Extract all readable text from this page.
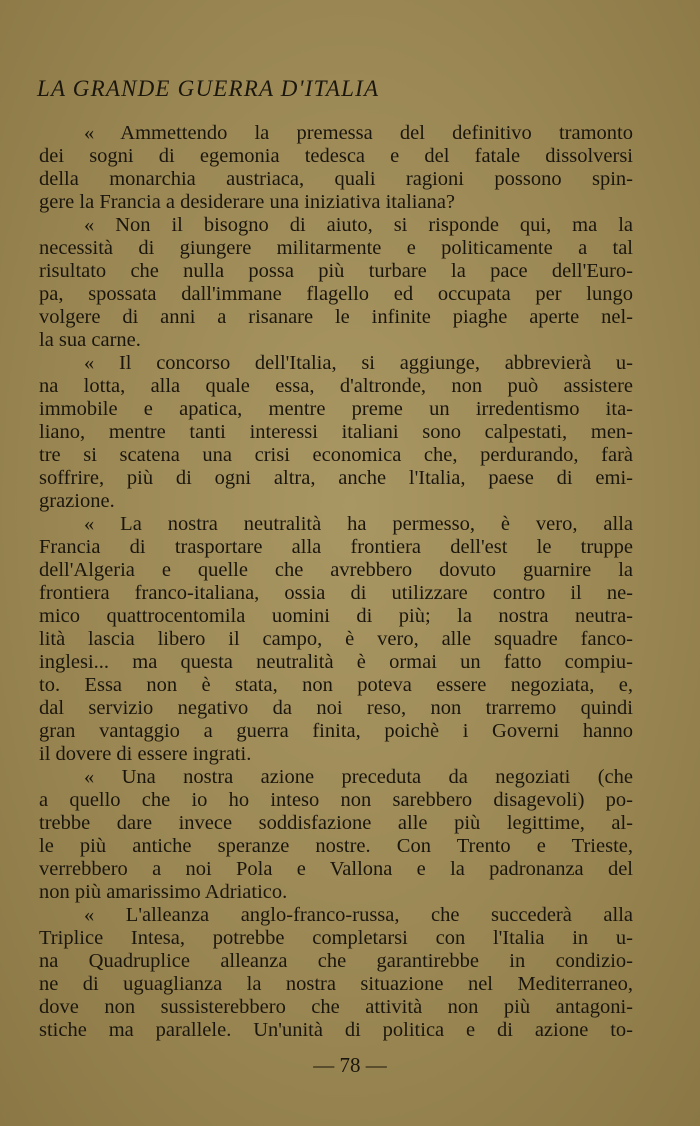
LA GRANDE GUERRA D'ITALIA
« Ammettendo la premessa del definitivo tramonto
dei sogni di egemonia tedesca e del fatale dissolversi
della monarchia austriaca, quali ragioni possono spin-
gere la Francia a desiderare una iniziativa italiana?
« Non il bisogno di aiuto, si risponde qui, ma la
necessità di giungere militarmente e politicamente a tal
risultato che nulla possa più turbare la pace dell'Euro-
pa, spossata dall'immane flagello ed occupata per lungo
volgere di anni a risanare le infinite piaghe aperte nel-
la sua carne.
« Il concorso dell'Italia, si aggiunge, abbrevierà u-
na lotta, alla quale essa, d'altronde, non può assistere
immobile e apatica, mentre preme un irredentismo ita-
liano, mentre tanti interessi italiani sono calpestati, men-
tre si scatena una crisi economica che, perdurando, farà
soffrire, più di ogni altra, anche l'Italia, paese di emi-
grazione.
« La nostra neutralità ha permesso, è vero, alla
Francia di trasportare alla frontiera dell'est le truppe
dell'Algeria e quelle che avrebbero dovuto guarnire la
frontiera franco-italiana, ossia di utilizzare contro il ne-
mico quattrocentomila uomini di più; la nostra neutra-
lità lascia libero il campo, è vero, alle squadre fanco-
inglesi... ma questa neutralità è ormai un fatto compiu-
to. Essa non è stata, non poteva essere negoziata, e,
dal servizio negativo da noi reso, non trarremo quindi
gran vantaggio a guerra finita, poichè i Governi hanno
il dovere di essere ingrati.
« Una nostra azione preceduta da negoziati (che
a quello che io ho inteso non sarebbero disagevoli) po-
trebbe dare invece soddisfazione alle più legittime, al-
le più antiche speranze nostre. Con Trento e Trieste,
verrebbero a noi Pola e Vallona e la padronanza del
non più amarissimo Adriatico.
« L'alleanza anglo-franco-russa, che succederà alla
Triplice Intesa, potrebbe completarsi con l'Italia in u-
na Quadruplice alleanza che garantirebbe in condizio-
ne di uguaglianza la nostra situazione nel Mediterraneo,
dove non sussisterebbero che attività non più antagoni-
stiche ma parallele. Un'unità di politica e di azione to-
— 78 —
